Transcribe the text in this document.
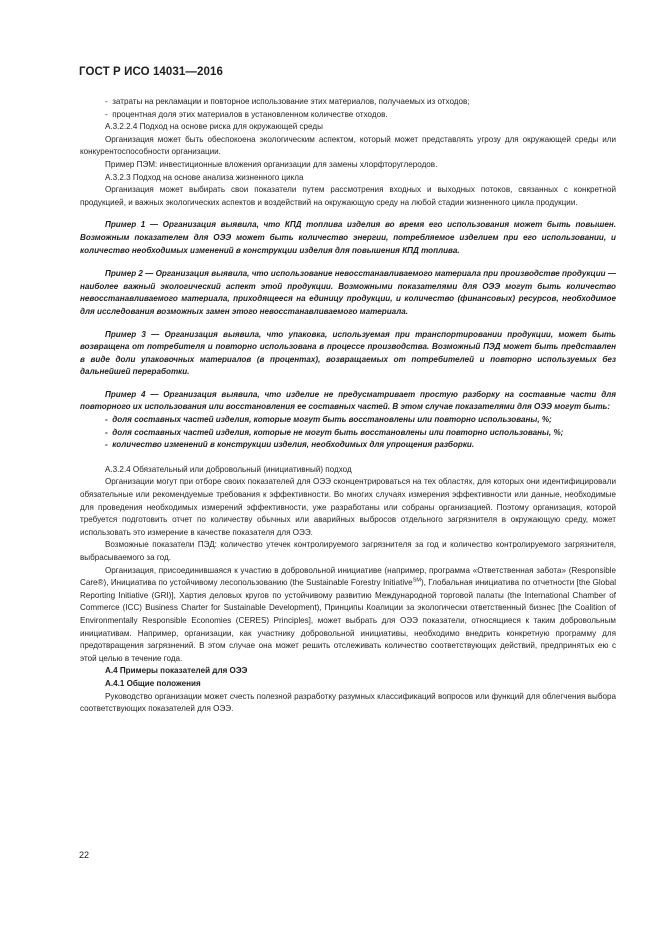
ГОСТ Р ИСО 14031—2016

-  затраты на рекламации и повторное использование этих материалов, получаемых из отходов;

-  процентная доля этих материалов в установленном количестве отходов.

А.3.2.2.4 Подход на основе риска для окружающей среды

Организация может быть обеспокоена экологическим аспектом, который может представлять угрозу для окружающей среды или конкурентоспособности организации.

Пример ПЭМ: инвестиционные вложения организации для замены хлорфторуглеродов.

А.3.2.3 Подход на основе анализа жизненного цикла

Организация может выбирать свои показатели путем рассмотрения входных и выходных потоков, связанных с конкретной продукцией, и важных экологических аспектов и воздействий на окружающую среду на любой стадии жизненного цикла продукции.

Пример 1 — Организация выявила, что КПД топлива изделия во время его использования может быть повышен. Возможным показателем для ОЭЭ может быть количество энергии, потребляемое изделием при его использовании, и количество необходимых изменений в конструкции изделия для повышения КПД топлива.

Пример 2 — Организация выявила, что использование невосстанавливаемого материала при производстве продукции — наиболее важный экологический аспект этой продукции. Возможными показателями для ОЭЭ могут быть количество невосстанавливаемого материала, приходящееся на единицу продукции, и количество (финансовых) ресурсов, необходимое для исследования возможных замен этого невосстанавливаемого материала.

Пример 3 — Организация выявила, что упаковка, используемая при транспортировании продукции, может быть возвращена от потребителя и повторно использована в процессе производства. Возможный ПЭД может быть представлен в виде доли упаковочных материалов (в процентах), возвращаемых от потребителей и повторно используемых без дальнейшей переработки.

Пример 4 — Организация выявила, что изделие не предусматривает простую разборку на составные части для повторного их использования или восстановления ее составных частей. В этом случае показателями для ОЭЭ могут быть:

-  доля составных частей изделия, которые могут быть восстановлены или повторно использованы, %;

-  доля составных частей изделия, которые не могут быть восстановлены или повторно использованы, %;

-  количество изменений в конструкции изделия, необходимых для упрощения разборки.

А.3.2.4 Обязательный или добровольный (инициативный) подход

Организации могут при отборе своих показателей для ОЭЭ сконцентрироваться на тех областях, для которых они идентифицировали обязательные или рекомендуемые требования к эффективности. Во многих случаях измерения эффективности или данные, необходимые для проведения необходимых измерений эффективности, уже разработаны или собраны организацией. Поэтому организация, которой требуется подготовить отчет по количеству обычных или аварийных выбросов отдельного загрязнителя в окружающую среду, может использовать это измерение в качестве показателя для ОЭЭ.

Возможные показатели ПЭД: количество утечек контролируемого загрязнителя за год и количество контролируемого загрязнителя, выбрасываемого за год.

Организация, присоединившаяся к участию в добровольной инициативе (например, программа «Ответственная забота» (Responsible Care®), Инициатива по устойчивому лесопользованию (the Sustainable Forestry Initiative℠), Глобальная инициатива по отчетности [the Global Reporting Initiative (GRI)], Хартия деловых кругов по устойчивому развитию Международной торговой палаты (the International Chamber of Commerce (ICC) Business Charter for Sustainable Development), Принципы Коалиции за экологически ответственный бизнес [the Coalition of Environmentally Responsible Economies (CERES) Principles], может выбрать для ОЭЭ показатели, относящиеся к таким добровольным инициативам. Например, организации, как участнику добровольной инициативы, необходимо внедрить конкретную программу для предотвращения загрязнений. В этом случае она может решить отслеживать количество соответствующих действий, предпринятых ею с этой целью в течение года.

А.4 Примеры показателей для ОЭЭ

А.4.1 Общие положения

Руководство организации может счесть полезной разработку разумных классификаций вопросов или функций для облегчения выбора соответствующих показателей для ОЭЭ.

22
